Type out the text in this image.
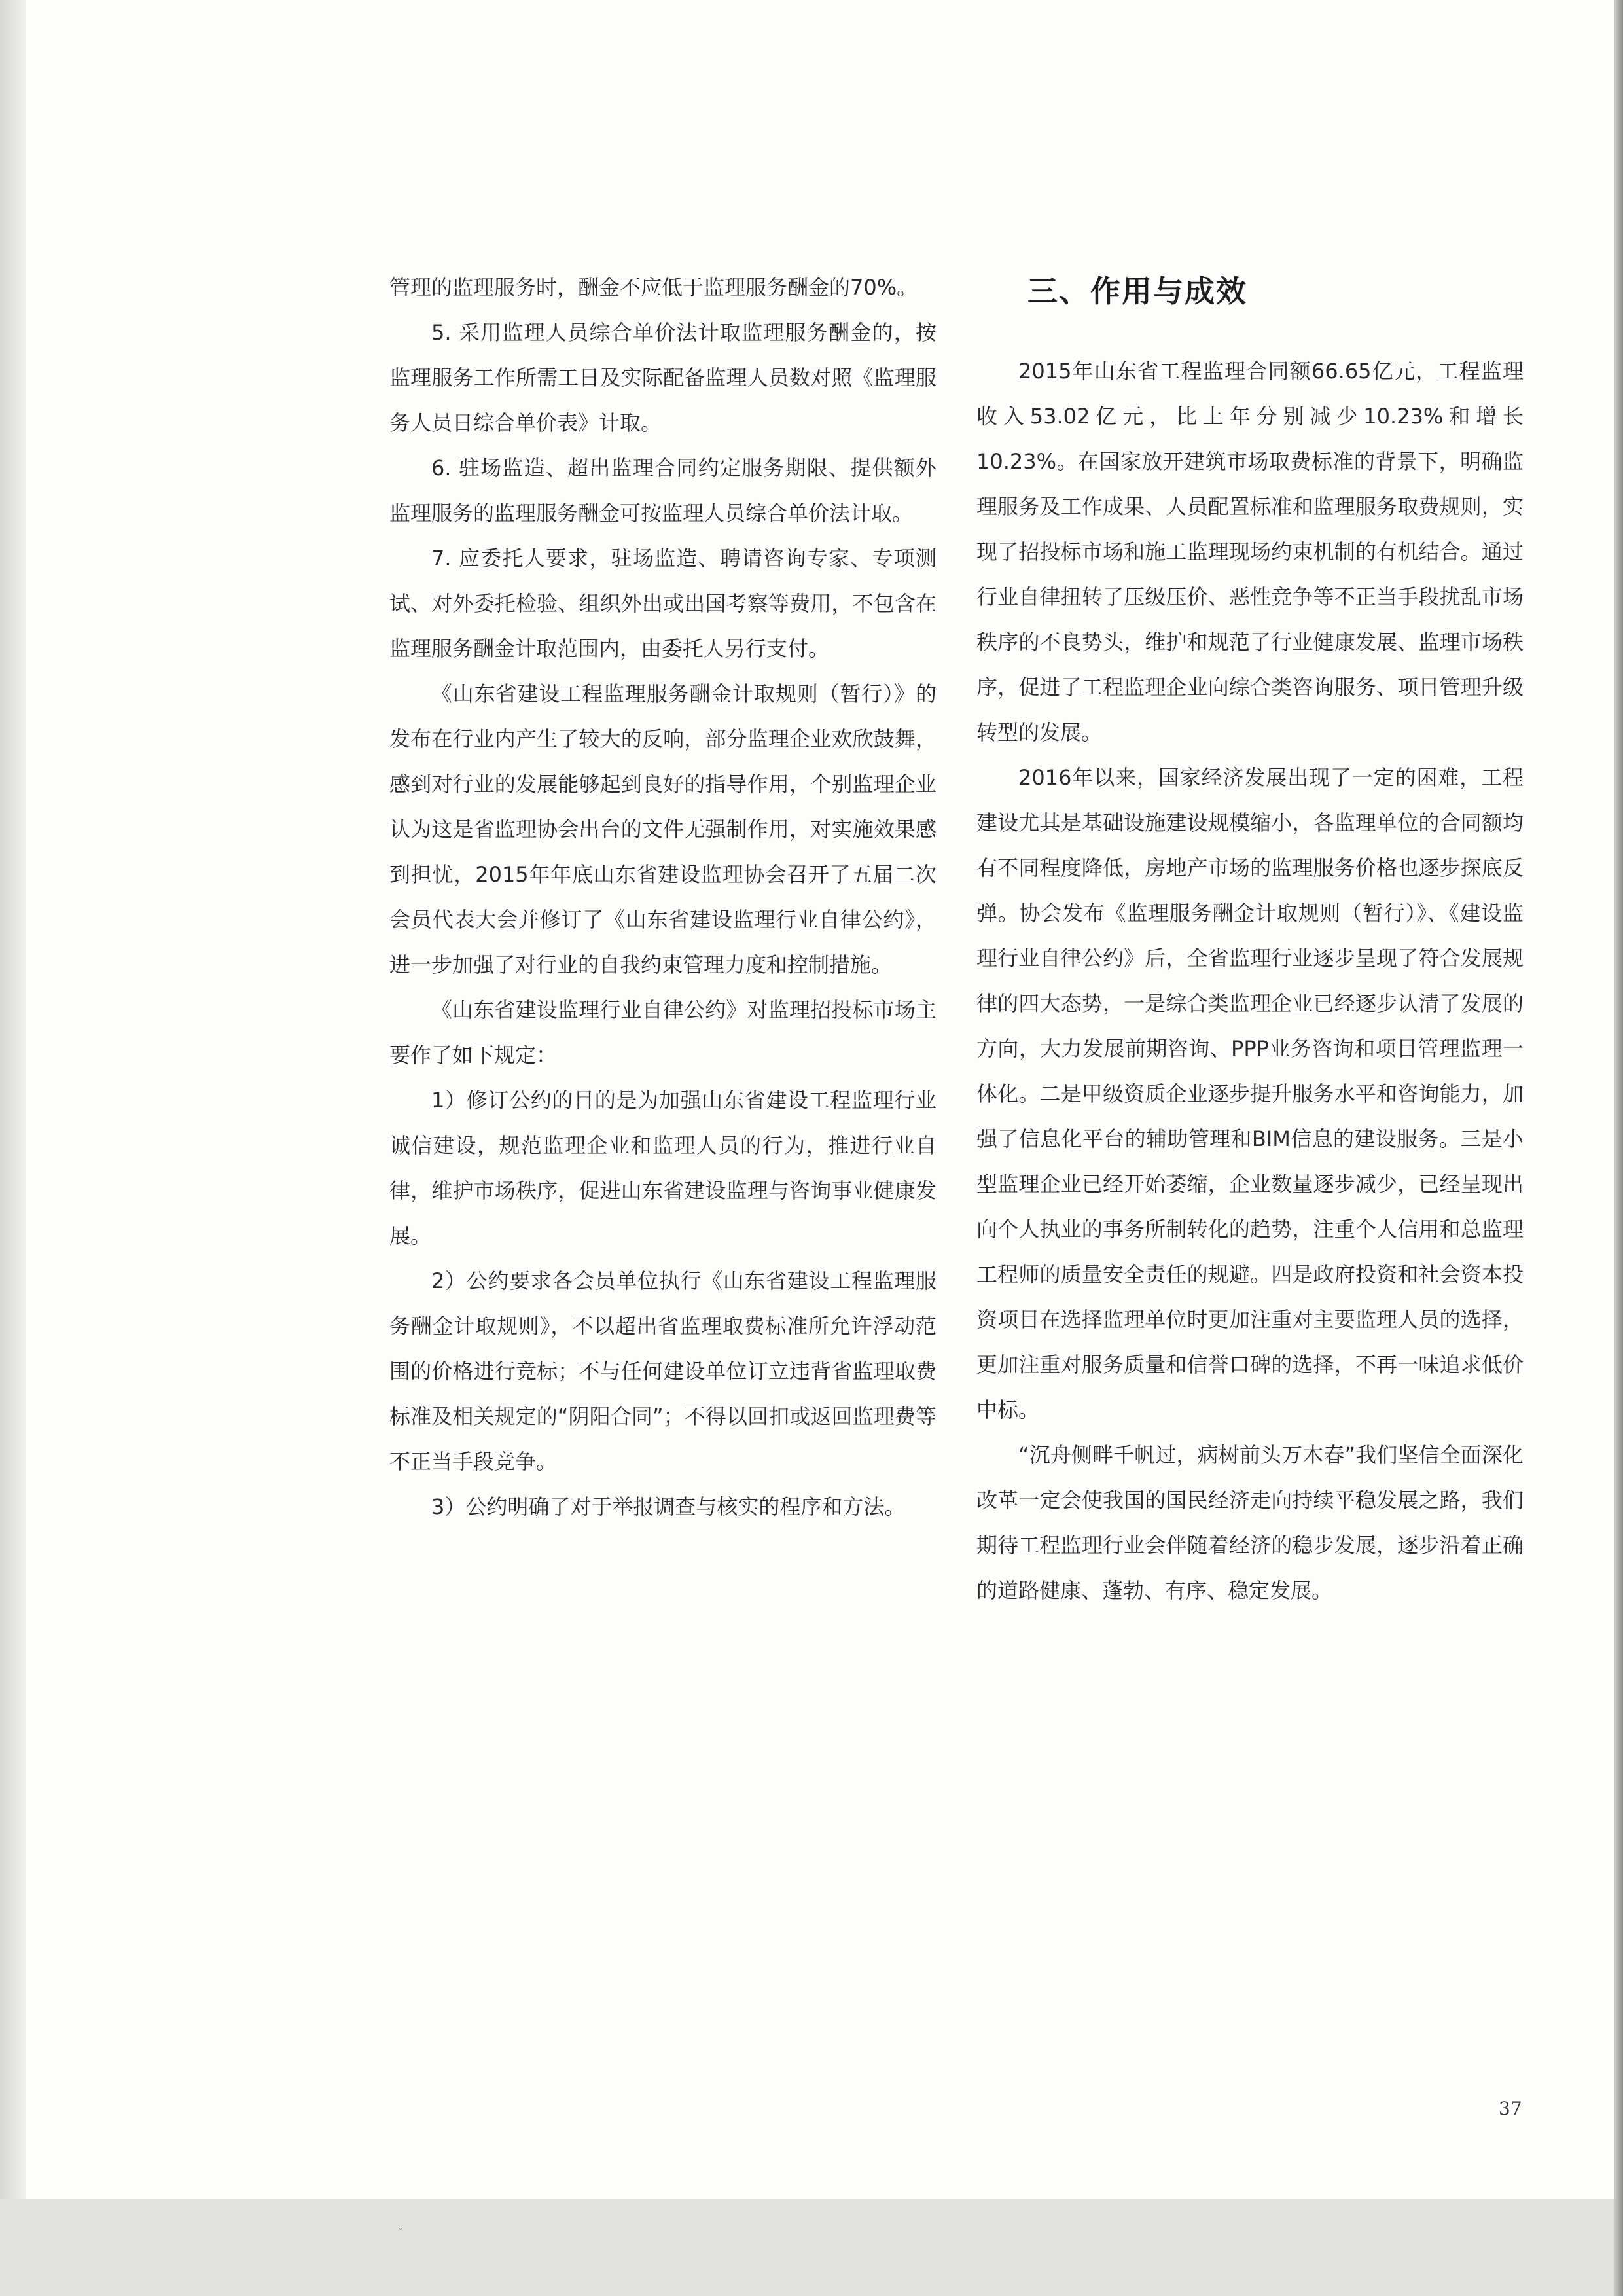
管理的监理服务时，酬金不应低于监理服务酬金的70%。

5. 采用监理人员综合单价法计取监理服务酬金的，按监理服务工作所需工日及实际配备监理人员数对照《监理服务人员日综合单价表》计取。

6. 驻场监造、超出监理合同约定服务期限、提供额外监理服务的监理服务酬金可按监理人员综合单价法计取。

7. 应委托人要求，驻场监造、聘请咨询专家、专项测试、对外委托检验、组织外出或出国考察等费用，不包含在监理服务酬金计取范围内，由委托人另行支付。

《山东省建设工程监理服务酬金计取规则（暂行）》的发布在行业内产生了较大的反响，部分监理企业欢欣鼓舞，感到对行业的发展能够起到良好的指导作用，个别监理企业认为这是省监理协会出台的文件无强制作用，对实施效果感到担忧，2015年年底山东省建设监理协会召开了五届二次会员代表大会并修订了《山东省建设监理行业自律公约》，进一步加强了对行业的自我约束管理力度和控制措施。

《山东省建设监理行业自律公约》对监理招投标市场主要作了如下规定：

1）修订公约的目的是为加强山东省建设工程监理行业诚信建设，规范监理企业和监理人员的行为，推进行业自律，维护市场秩序，促进山东省建设监理与咨询事业健康发展。

2）公约要求各会员单位执行《山东省建设工程监理服务酬金计取规则》，不以超出省监理取费标准所允许浮动范围的价格进行竞标；不与任何建设单位订立违背省监理取费标准及相关规定的“阴阳合同”；不得以回扣或返回监理费等不正当手段竞争。

3）公约明确了对于举报调查与核实的程序和方法。

三、作用与成效

2015年山东省工程监理合同额66.65亿元，工程监理收入53.02亿元，比上年分别减少10.23%和增长10.23%。在国家放开建筑市场取费标准的背景下，明确监理服务及工作成果、人员配置标准和监理服务取费规则，实现了招投标市场和施工监理现场约束机制的有机结合。通过行业自律扭转了压级压价、恶性竞争等不正当手段扰乱市场秩序的不良势头，维护和规范了行业健康发展、监理市场秩序，促进了工程监理企业向综合类咨询服务、项目管理升级转型的发展。

2016年以来，国家经济发展出现了一定的困难，工程建设尤其是基础设施建设规模缩小，各监理单位的合同额均有不同程度降低，房地产市场的监理服务价格也逐步探底反弹。协会发布《监理服务酬金计取规则（暂行）》、《建设监理行业自律公约》后，全省监理行业逐步呈现了符合发展规律的四大态势，一是综合类监理企业已经逐步认清了发展的方向，大力发展前期咨询、PPP业务咨询和项目管理监理一体化。二是甲级资质企业逐步提升服务水平和咨询能力，加强了信息化平台的辅助管理和BIM信息的建设服务。三是小型监理企业已经开始萎缩，企业数量逐步减少，已经呈现出向个人执业的事务所制转化的趋势，注重个人信用和总监理工程师的质量安全责任的规避。四是政府投资和社会资本投资项目在选择监理单位时更加注重对主要监理人员的选择，更加注重对服务质量和信誉口碑的选择，不再一味追求低价中标。

“沉舟侧畔千帆过，病树前头万木春”我们坚信全面深化改革一定会使我国的国民经济走向持续平稳发展之路，我们期待工程监理行业会伴随着经济的稳步发展，逐步沿着正确的道路健康、蓬勃、有序、稳定发展。

37
˘
